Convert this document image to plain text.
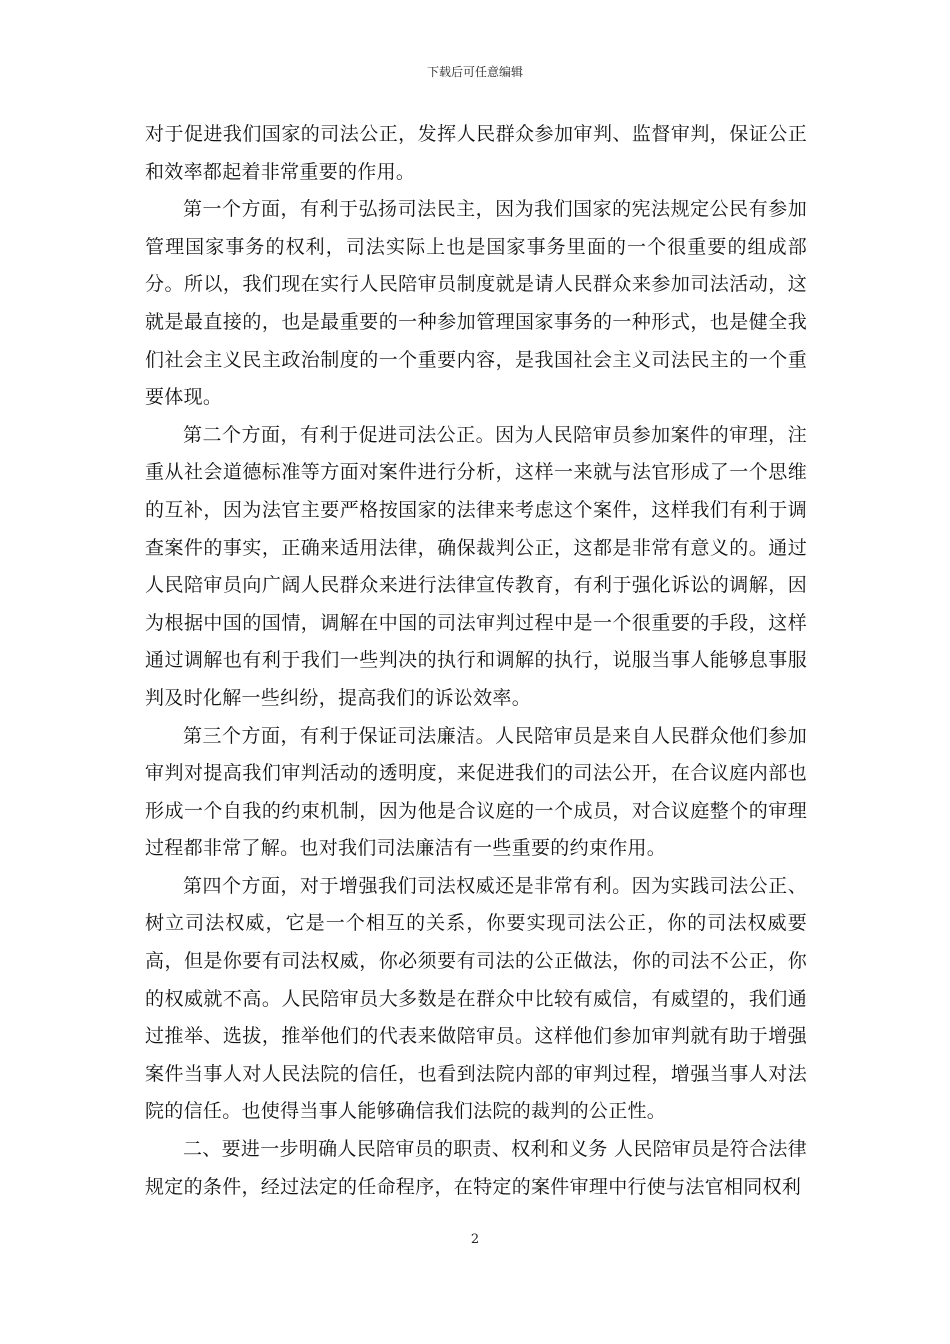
下载后可任意编辑

对于促进我们国家的司法公正，发挥人民群众参加审判、监督审判，保证公正和效率都起着非常重要的作用。

第一个方面，有利于弘扬司法民主，因为我们国家的宪法规定公民有参加管理国家事务的权利，司法实际上也是国家事务里面的一个很重要的组成部分。所以，我们现在实行人民陪审员制度就是请人民群众来参加司法活动，这就是最直接的，也是最重要的一种参加管理国家事务的一种形式，也是健全我们社会主义民主政治制度的一个重要内容，是我国社会主义司法民主的一个重要体现。

第二个方面，有利于促进司法公正。因为人民陪审员参加案件的审理，注重从社会道德标准等方面对案件进行分析，这样一来就与法官形成了一个思维的互补，因为法官主要严格按国家的法律来考虑这个案件，这样我们有利于调查案件的事实，正确来适用法律，确保裁判公正，这都是非常有意义的。通过人民陪审员向广阔人民群众来进行法律宣传教育，有利于强化诉讼的调解，因为根据中国的国情，调解在中国的司法审判过程中是一个很重要的手段，这样通过调解也有利于我们一些判决的执行和调解的执行，说服当事人能够息事服判及时化解一些纠纷，提高我们的诉讼效率。

第三个方面，有利于保证司法廉洁。人民陪审员是来自人民群众他们参加审判对提高我们审判活动的透明度，来促进我们的司法公开，在合议庭内部也形成一个自我的约束机制，因为他是合议庭的一个成员，对合议庭整个的审理过程都非常了解。也对我们司法廉洁有一些重要的约束作用。

第四个方面，对于增强我们司法权威还是非常有利。因为实践司法公正、树立司法权威，它是一个相互的关系，你要实现司法公正，你的司法权威要高，但是你要有司法权威，你必须要有司法的公正做法，你的司法不公正，你的权威就不高。人民陪审员大多数是在群众中比较有威信，有威望的，我们通过推举、选拔，推举他们的代表来做陪审员。这样他们参加审判就有助于增强案件当事人对人民法院的信任，也看到法院内部的审判过程，增强当事人对法院的信任。也使得当事人能够确信我们法院的裁判的公正性。

二、要进一步明确人民陪审员的职责、权利和义务 人民陪审员是符合法律规定的条件，经过法定的任命程序，在特定的案件审理中行使与法官相同权利

2
